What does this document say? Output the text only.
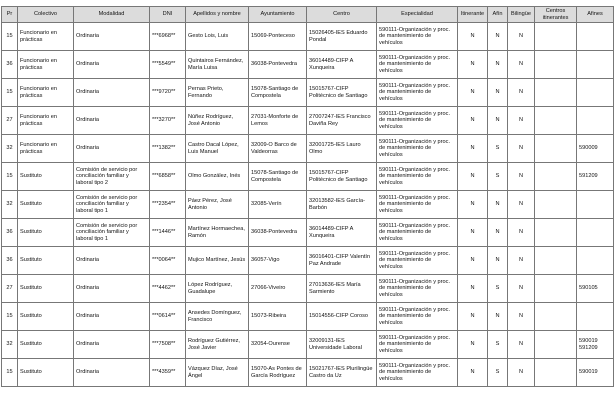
Pr	Colectivo	Modalidad	DNI	Apellidos y nombre	Ayuntamiento	Centro	Especialidad	Itinerante	Afín	Bilingüe	Centros itinerantes	Afines
15	Funcionario en prácticas	Ordinaria	***6968**	Gesto Lois, Luis	15069-Ponteceso	15026405-IES Eduardo Pondal	590111-Organización y proc. de mantenimiento de vehículos	N	N	N		
36	Funcionario en prácticas	Ordinaria	***5549**	Quintairos Fernández, María Luisa	36038-Pontevedra	36014489-CIFP A Xunqueira	590111-Organización y proc. de mantenimiento de vehículos	N	N	N		
15	Funcionario en prácticas	Ordinaria	***9720**	Pernas Prieto, Fernando	15078-Santiago de Compostela	15015767-CIFP Politécnico de Santiago	590111-Organización y proc. de mantenimiento de vehículos	N	N	N		
27	Funcionario en prácticas	Ordinaria	***3270**	Núñez Rodríguez, José Antonio	27031-Monforte de Lemos	27007247-IES Francisco Daviña Rey	590111-Organización y proc. de mantenimiento de vehículos	N	N	N		
32	Funcionario en prácticas	Ordinaria	***1382**	Castro Dacal López, Luis Manuel	32009-O Barco de Valdeorras	32001725-IES Lauro Olmo	590111-Organización y proc. de mantenimiento de vehículos	N	S	N		590009
15	Sustituto	Comisión de servicio por conciliación familiar y laboral tipo 2	***6858**	Olmo González, Inés	15078-Santiago de Compostela	15015767-CIFP Politécnico de Santiago	590111-Organización y proc. de mantenimiento de vehículos	N	S	N		591209
32	Sustituto	Comisión de servicio por conciliación familiar y laboral tipo 1	***2354**	Páez Pérez, José Antonio	32085-Verín	32013582-IES García-Barbón	590111-Organización y proc. de mantenimiento de vehículos	N	N	N		
36	Sustituto	Comisión de servicio por conciliación familiar y laboral tipo 1	***1446**	Martínez Hormaechea, Ramón	36038-Pontevedra	36014489-CIFP A Xunqueira	590111-Organización y proc. de mantenimiento de vehículos	N	N	N		
36	Sustituto	Ordinaria	***0064**	Mujico Martínez, Jesús	36057-Vigo	36016401-CIFP Valentín Paz Andrade	590111-Organización y proc. de mantenimiento de vehículos	N	N	N		
27	Sustituto	Ordinaria	***4462**	López Rodríguez, Guadalupe	27066-Viveiro	27013636-IES María Sarmiento	590111-Organización y proc. de mantenimiento de vehículos	N	S	N		590105
15	Sustituto	Ordinaria	***0614**	Ansedes Domínguez, Francisco	15073-Ribeira	15014556-CIFP Coroso	590111-Organización y proc. de mantenimiento de vehículos	N	N	N		
32	Sustituto	Ordinaria	***7508**	Rodríguez Gutiérrez, José Javier	32054-Ourense	32009131-IES Universidade Laboral	590111-Organización y proc. de mantenimiento de vehículos	N	S	N		590019 591209
15	Sustituto	Ordinaria	***4359**	Vázquez Díaz, José Ángel	15070-As Pontes de García Rodríguez	15021767-IES Plurilingüe Castro da Uz	590111-Organización y proc. de mantenimiento de vehículos	N	S	N		590019
